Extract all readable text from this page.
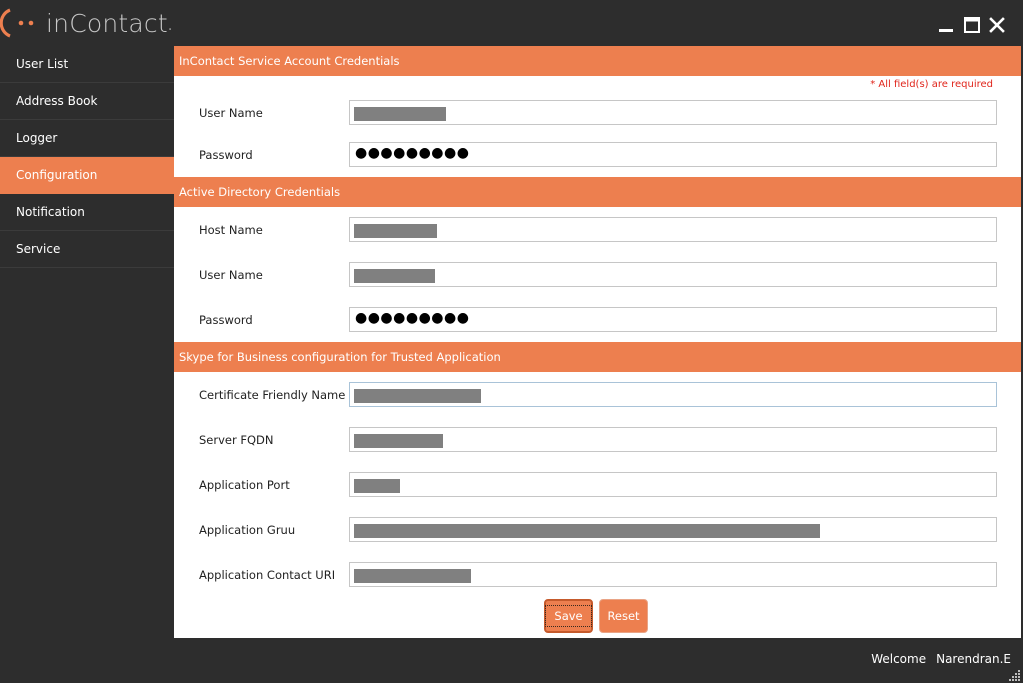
inContact .
User List
Address Book
Logger
Configuration
Notification
Service
InContact Service Account Credentials
* All field(s) are required
User Name
Password	●●●●●●●●●
Active Directory Credentials
Host Name
User Name
Password	●●●●●●●●●
Skype for Business configuration for Trusted Application
Certificate Friendly Name
Server FQDN
Application Port
Application Gruu
Application Contact URI
Save	Reset
Welcome Narendran.E
